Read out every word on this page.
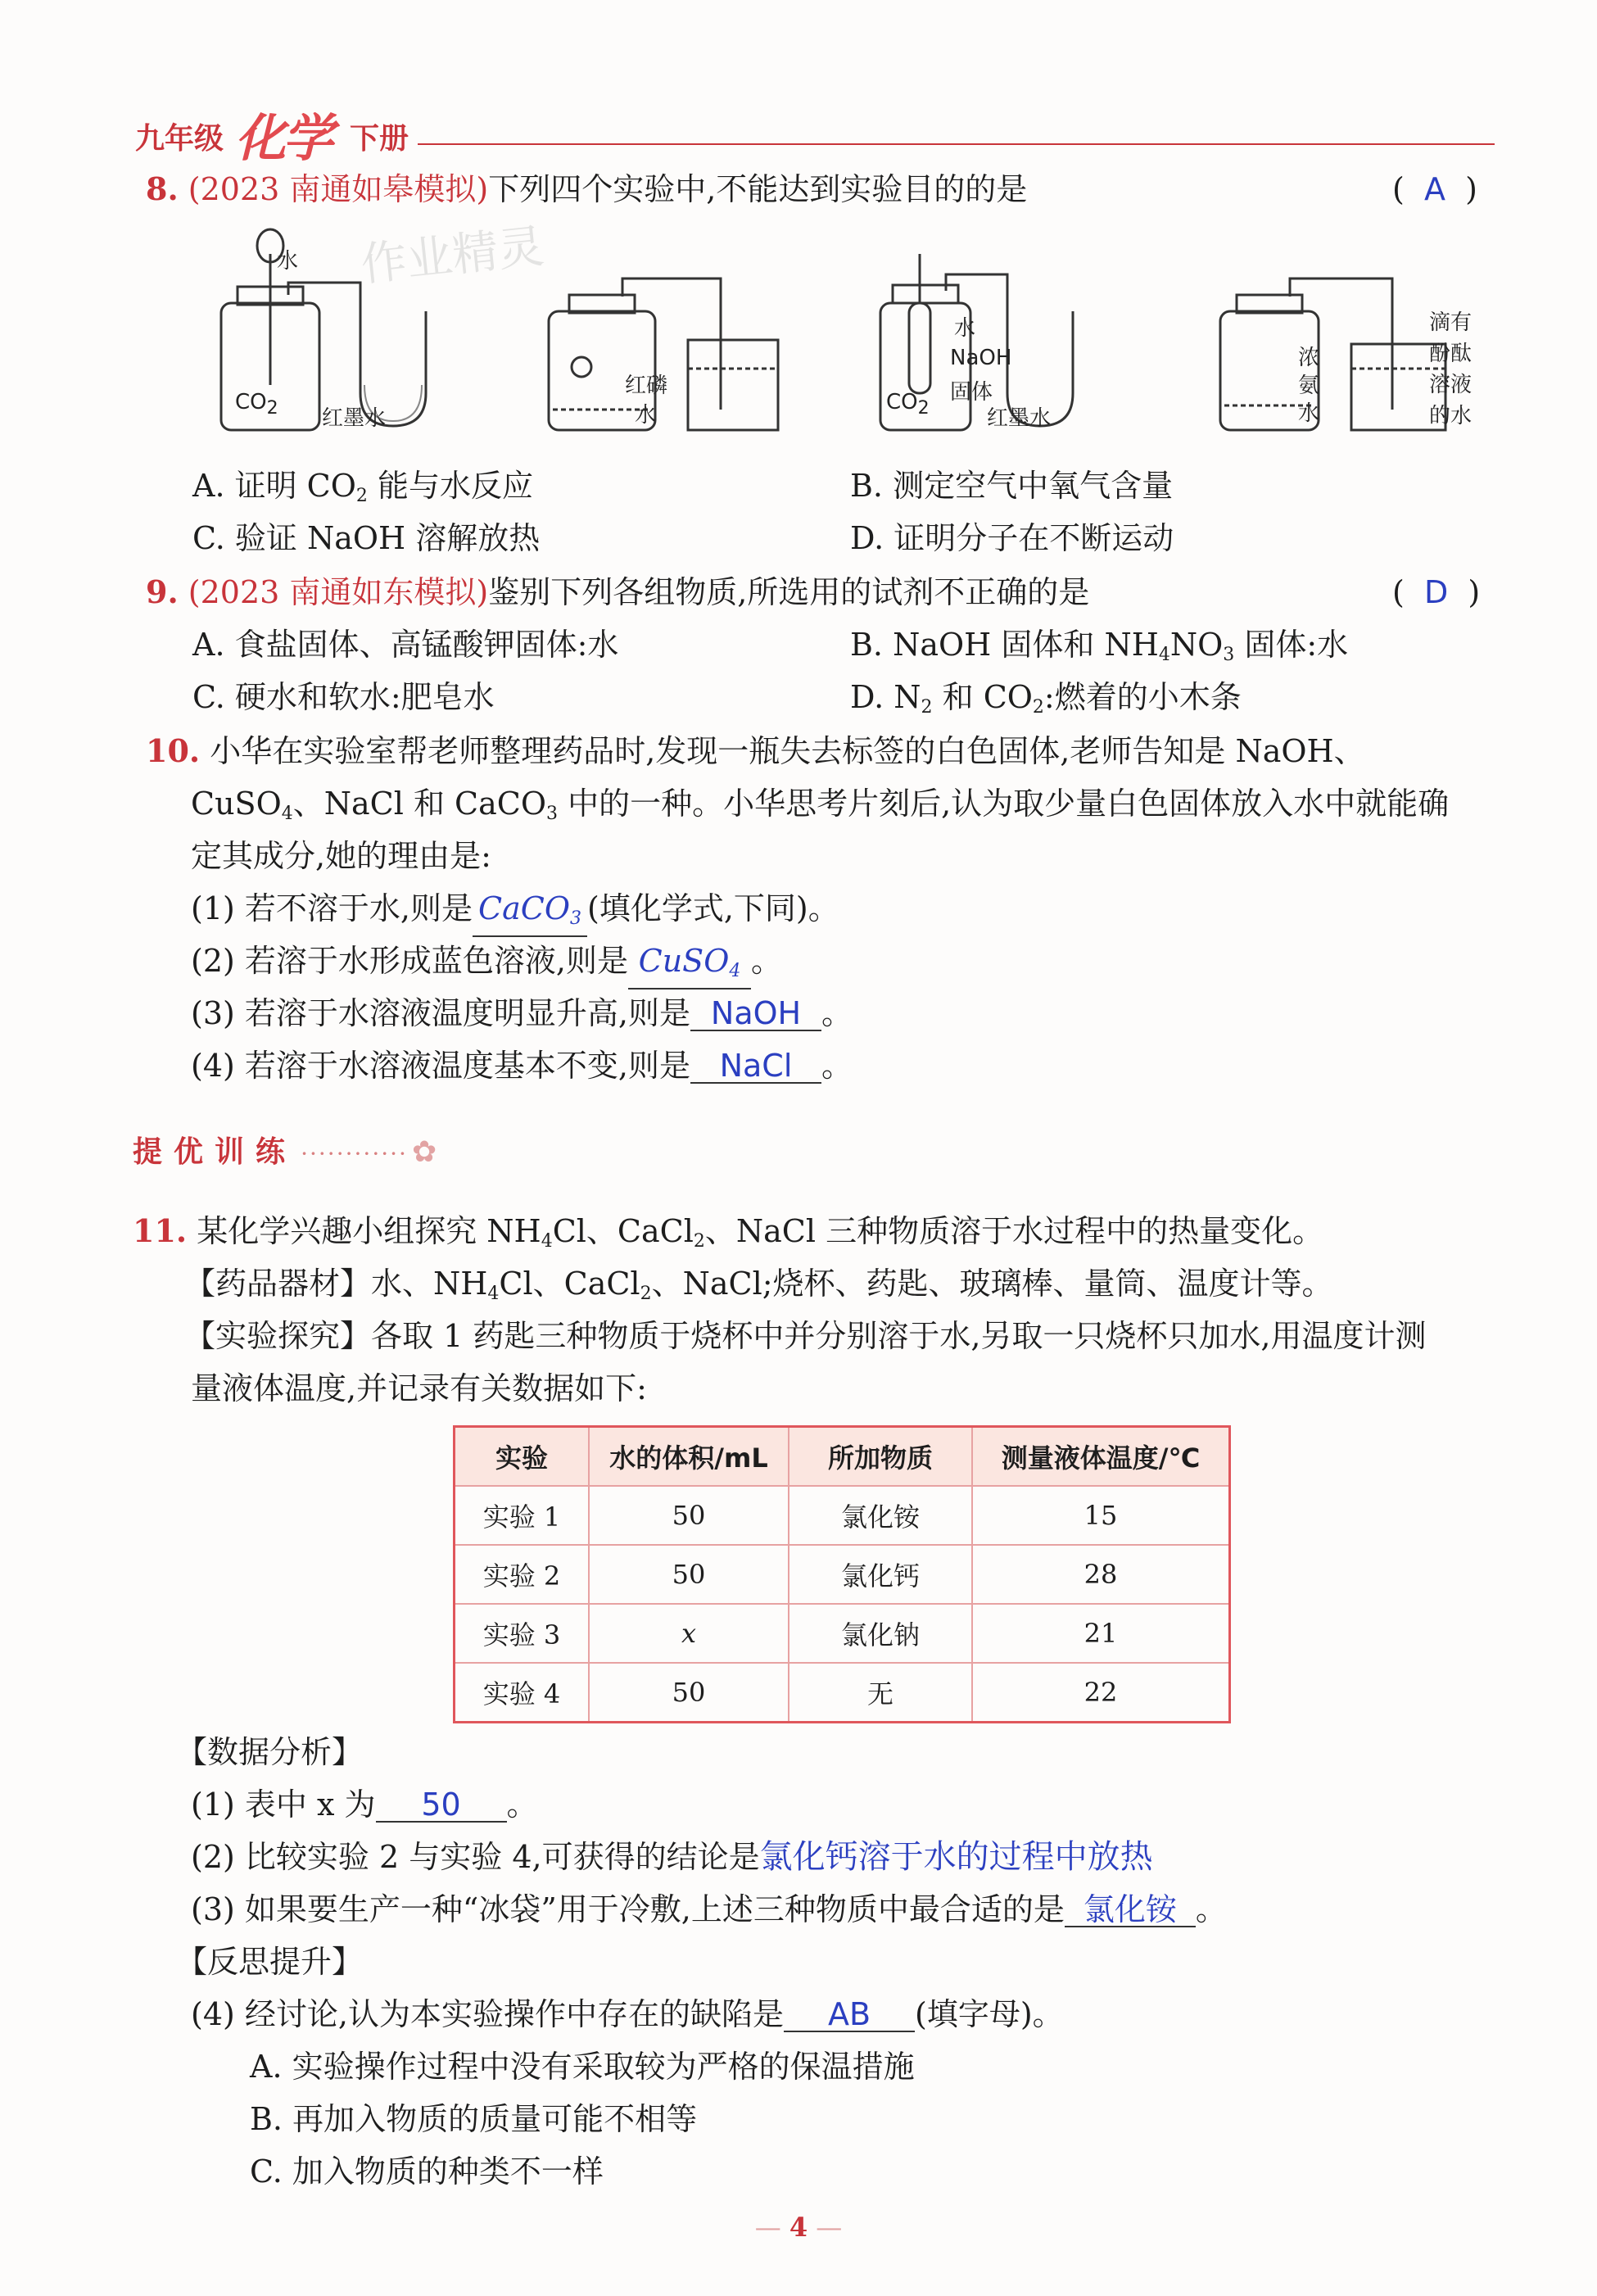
九年级 化学 下册
8. (2023 南通如皋模拟)下列四个实验中,不能达到实验目的的是	(  A  )
作业精灵
水
$CO_2$ 红墨水
红磷
水
水
NaOH
固体
$CO_2$	红墨水
浓
氨
水
滴有
酚酞
溶液
的水
A. 证明 $CO_2$ 能与水反应	B. 测定空气中氧气含量
C. 验证 NaOH 溶解放热	D. 证明分子在不断运动
9. (2023 南通如东模拟)鉴别下列各组物质,所选用的试剂不正确的是	(  D  )
A. 食盐固体、高锰酸钾固体:水	B. NaOH 固体和 $NH_4NO_3$ 固体:水
C. 硬水和软水:肥皂水	D. $N_2$ 和 $CO_2$:燃着的小木条
10. 小华在实验室帮老师整理药品时,发现一瓶失去标签的白色固体,老师告知是 NaOH、
CuSO$_4$、NaCl 和 CaCO$_3$ 中的一种。小华思考片刻后,认为取少量白色固体放入水中就能确
定其成分,她的理由是:
(1) 若不溶于水,则是 CaCO$_3$ (填化学式,下同)。
(2) 若溶于水形成蓝色溶液,则是 CuSO$_4$ 。
(3) 若溶于水溶液温度明显升高,则是 NaOH 。
(4) 若溶于水溶液温度基本不变,则是 NaCl 。
提优训练 ············ ✿
11. 某化学兴趣小组探究 $NH_4Cl$、CaCl$_2$、NaCl 三种物质溶于水过程中的热量变化。
【药品器材】水、$NH_4Cl$、CaCl$_2$、NaCl;烧杯、药匙、玻璃棒、量筒、温度计等。
【实验探究】各取 1 药匙三种物质于烧杯中并分别溶于水,另取一只烧杯只加水,用温度计测
量液体温度,并记录有关数据如下:
实验	水的体积/mL	所加物质	测量液体温度/℃
实验 1	50	氯化铵	15
实验 2	50	氯化钙	28
实验 3	x	氯化钠	21
实验 4	50	无	22
【数据分析】
(1) 表中 x 为 50 。
(2) 比较实验 2 与实验 4,可获得的结论是氯化钙溶于水的过程中放热
(3) 如果要生产一种“冰袋”用于冷敷,上述三种物质中最合适的是 氯化铵 。
【反思提升】
(4) 经讨论,认为本实验操作中存在的缺陷是 AB (填字母)。
A. 实验操作过程中没有采取较为严格的保温措施
B. 再加入物质的质量可能不相等
C. 加入物质的种类不一样
— 4 —
